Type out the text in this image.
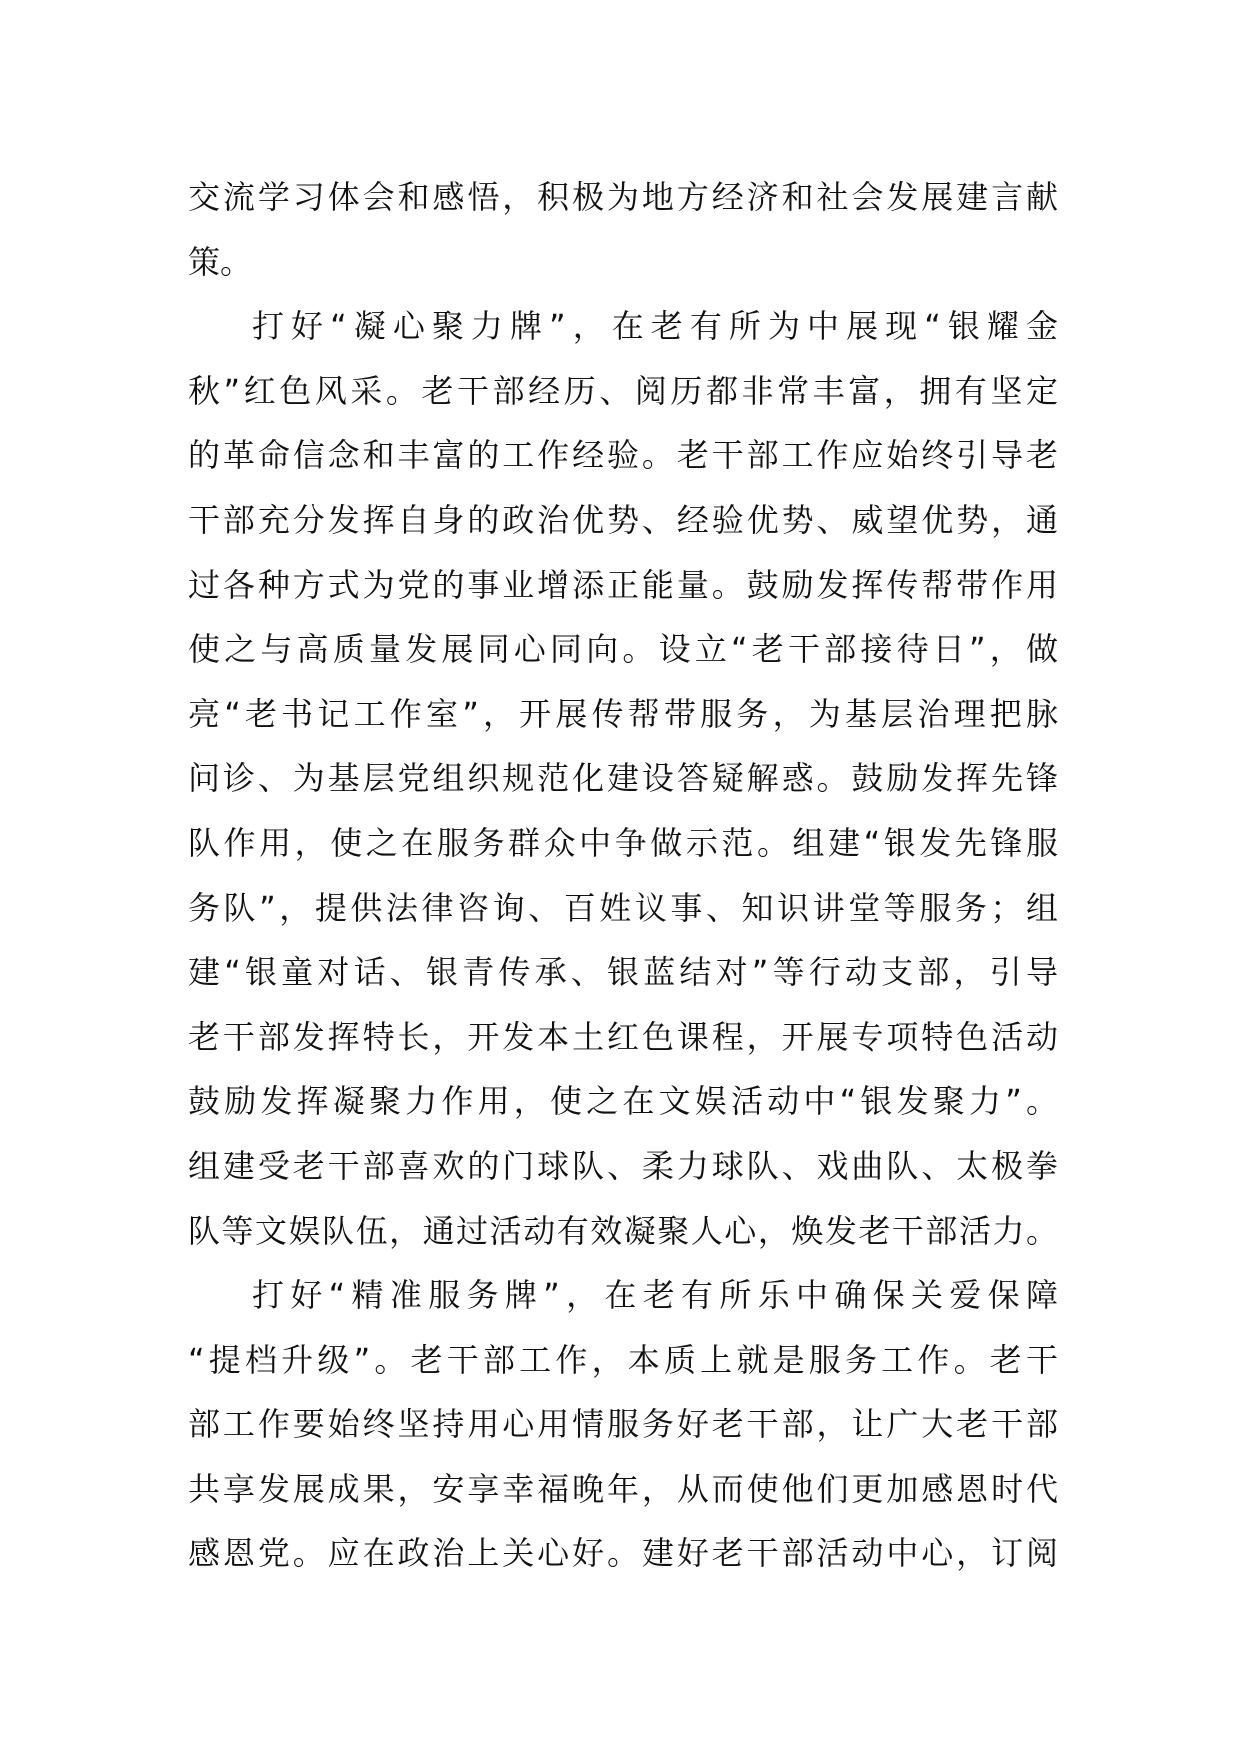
交流学习体会和感悟，积极为地方经济和社会发展建言献
策。
打好“凝心聚力牌”，在老有所为中展现“银耀金
秋”红色风采。老干部经历、阅历都非常丰富，拥有坚定
的革命信念和丰富的工作经验。老干部工作应始终引导老
干部充分发挥自身的政治优势、经验优势、威望优势，通
过各种方式为党的事业增添正能量。鼓励发挥传帮带作用
使之与高质量发展同心同向。设立“老干部接待日”，做
亮“老书记工作室”，开展传帮带服务，为基层治理把脉
问诊、为基层党组织规范化建设答疑解惑。鼓励发挥先锋
队作用，使之在服务群众中争做示范。组建“银发先锋服
务队”，提供法律咨询、百姓议事、知识讲堂等服务；组
建“银童对话、银青传承、银蓝结对”等行动支部，引导
老干部发挥特长，开发本土红色课程，开展专项特色活动
鼓励发挥凝聚力作用，使之在文娱活动中“银发聚力”。
组建受老干部喜欢的门球队、柔力球队、戏曲队、太极拳
队等文娱队伍，通过活动有效凝聚人心，焕发老干部活力。
打好“精准服务牌”，在老有所乐中确保关爱保障
“提档升级”。老干部工作，本质上就是服务工作。老干
部工作要始终坚持用心用情服务好老干部，让广大老干部
共享发展成果，安享幸福晚年，从而使他们更加感恩时代
感恩党。应在政治上关心好。建好老干部活动中心，订阅
